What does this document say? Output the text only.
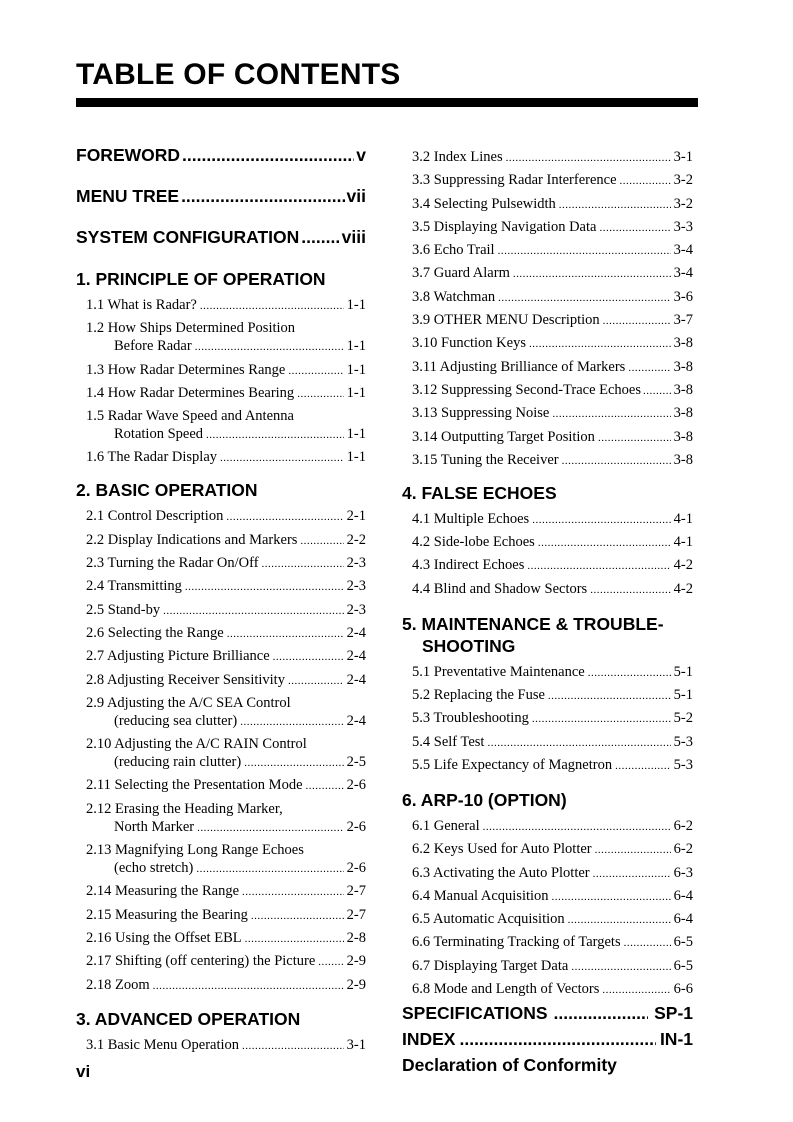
TABLE OF CONTENTS
FOREWORD .....	v
MENU TREE .....	vii
SYSTEM CONFIGURATION ..... viii
1. PRINCIPLE OF OPERATION
1.1 What is Radar? .....	1-1
1.2 How Ships Determined Position
Before Radar .....	1-1
1.3 How Radar Determines Range .....	1-1
1.4 How Radar Determines Bearing .....	1-1
1.5 Radar Wave Speed and Antenna
Rotation Speed .....	1-1
1.6 The Radar Display .....	1-1
2. BASIC OPERATION
2.1 Control Description .....	2-1
2.2 Display Indications and Markers .....	2-2
2.3 Turning the Radar On/Off .....	2-3
2.4 Transmitting .....	2-3
2.5 Stand-by .....	2-3
2.6 Selecting the Range .....	2-4
2.7 Adjusting Picture Brilliance .....	2-4
2.8 Adjusting Receiver Sensitivity .....	2-4
2.9 Adjusting the A/C SEA Control
(reducing sea clutter) .....	2-4
2.10 Adjusting the A/C RAIN Control
(reducing rain clutter) .....	2-5
2.11 Selecting the Presentation Mode .....	2-6
2.12 Erasing the Heading Marker,
North Marker .....	2-6
2.13 Magnifying Long Range Echoes
(echo stretch) .....	2-6
2.14 Measuring the Range .....	2-7
2.15 Measuring the Bearing .....	2-7
2.16 Using the Offset EBL .....	2-8
2.17 Shifting (off centering) the Picture ..... 2-9
2.18 Zoom .....	2-9
3. ADVANCED OPERATION
3.1 Basic Menu Operation .....	3-1
3.2 Index Lines .....	3-1
3.3 Suppressing Radar Interference .....	3-2
3.4 Selecting Pulsewidth .....	3-2
3.5 Displaying Navigation Data .....	3-3
3.6 Echo Trail .....	3-4
3.7 Guard Alarm .....	3-4
3.8 Watchman .....	3-6
3.9 OTHER MENU Description .....	3-7
3.10 Function Keys .....	3-8
3.11 Adjusting Brilliance of Markers .....	3-8
3.12 Suppressing Second-Trace Echoes ..... 3-8
3.13 Suppressing Noise .....	3-8
3.14 Outputting Target Position .....	3-8
3.15 Tuning the Receiver .....	3-8
4. FALSE ECHOES
4.1 Multiple Echoes .....	4-1
4.2 Side-lobe Echoes .....	4-1
4.3 Indirect Echoes .....	4-2
4.4 Blind and Shadow Sectors .....	4-2
5. MAINTENANCE & TROUBLE-
SHOOTING
5.1 Preventative Maintenance .....	5-1
5.2 Replacing the Fuse .....	5-1
5.3 Troubleshooting .....	5-2
5.4 Self Test .....	5-3
5.5 Life Expectancy of Magnetron .....	5-3
6. ARP-10 (OPTION)
6.1 General .....	6-2
6.2 Keys Used for Auto Plotter .....	6-2
6.3 Activating the Auto Plotter .....	6-3
6.4 Manual Acquisition .....	6-4
6.5 Automatic Acquisition .....	6-4
6.6 Terminating Tracking of Targets .....	6-5
6.7 Displaying Target Data .....	6-5
6.8 Mode and Length of Vectors .....	6-6
SPECIFICATIONS .....	SP-1
INDEX .....	IN-1
Declaration of Conformity
vi
